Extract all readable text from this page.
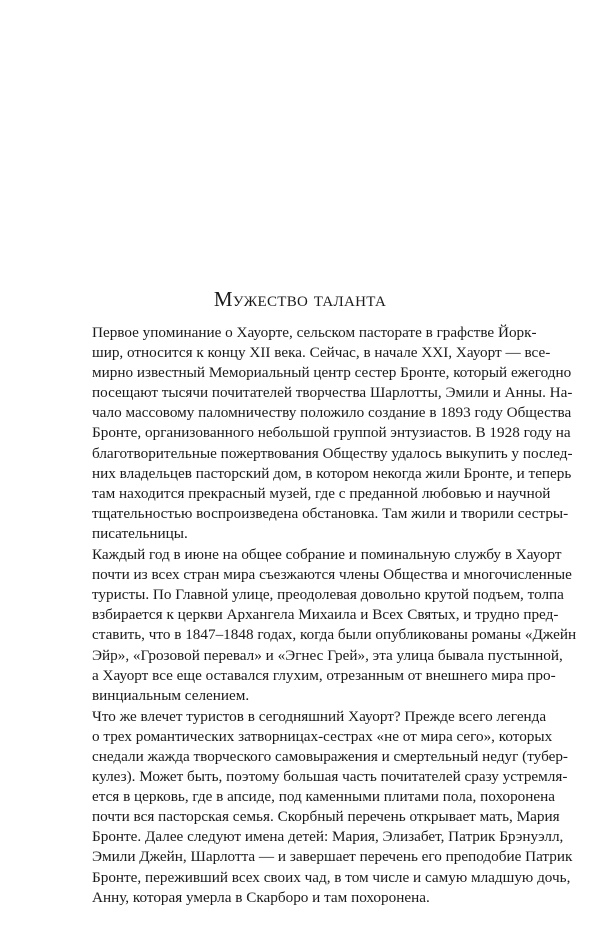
Мужество таланта

Первое упоминание о Хауорте, сельском пасторате в графстве Йорк-
шир, относится к концу XII века. Сейчас, в начале XXI, Хауорт — все-
мирно известный Мемориальный центр сестер Бронте, который ежегодно
посещают тысячи почитателей творчества Шарлотты, Эмили и Анны. На-
чало массовому паломничеству положило создание в 1893 году Общества
Бронте, организованного небольшой группой энтузиастов. В 1928 году на
благотворительные пожертвования Обществу удалось выкупить у послед-
них владельцев пасторский дом, в котором некогда жили Бронте, и теперь
там находится прекрасный музей, где с преданной любовью и научной
тщательностью воспроизведена обстановка. Там жили и творили сестры-
писательницы.

Каждый год в июне на общее собрание и поминальную службу в Хауорт
почти из всех стран мира съезжаются члены Общества и многочисленные
туристы. По Главной улице, преодолевая довольно крутой подъем, толпа
взбирается к церкви Архангела Михаила и Всех Святых, и трудно пред-
ставить, что в 1847–1848 годах, когда были опубликованы романы «Джейн
Эйр», «Грозовой перевал» и «Эгнес Грей», эта улица бывала пустынной,
а Хауорт все еще оставался глухим, отрезанным от внешнего мира про-
винциальным селением.

Что же влечет туристов в сегодняшний Хауорт? Прежде всего легенда
о трех романтических затворницах-сестрах «не от мира сего», которых
снедали жажда творческого самовыражения и смертельный недуг (тубер-
кулез). Может быть, поэтому большая часть почитателей сразу устремля-
ется в церковь, где в апсиде, под каменными плитами пола, похоронена
почти вся пасторская семья. Скорбный перечень открывает мать, Мария
Бронте. Далее следуют имена детей: Мария, Элизабет, Патрик Брэнуэлл,
Эмили Джейн, Шарлотта — и завершает перечень его преподобие Патрик
Бронте, переживший всех своих чад, в том числе и самую младшую дочь,
Анну, которая умерла в Скарборо и там похоронена.
